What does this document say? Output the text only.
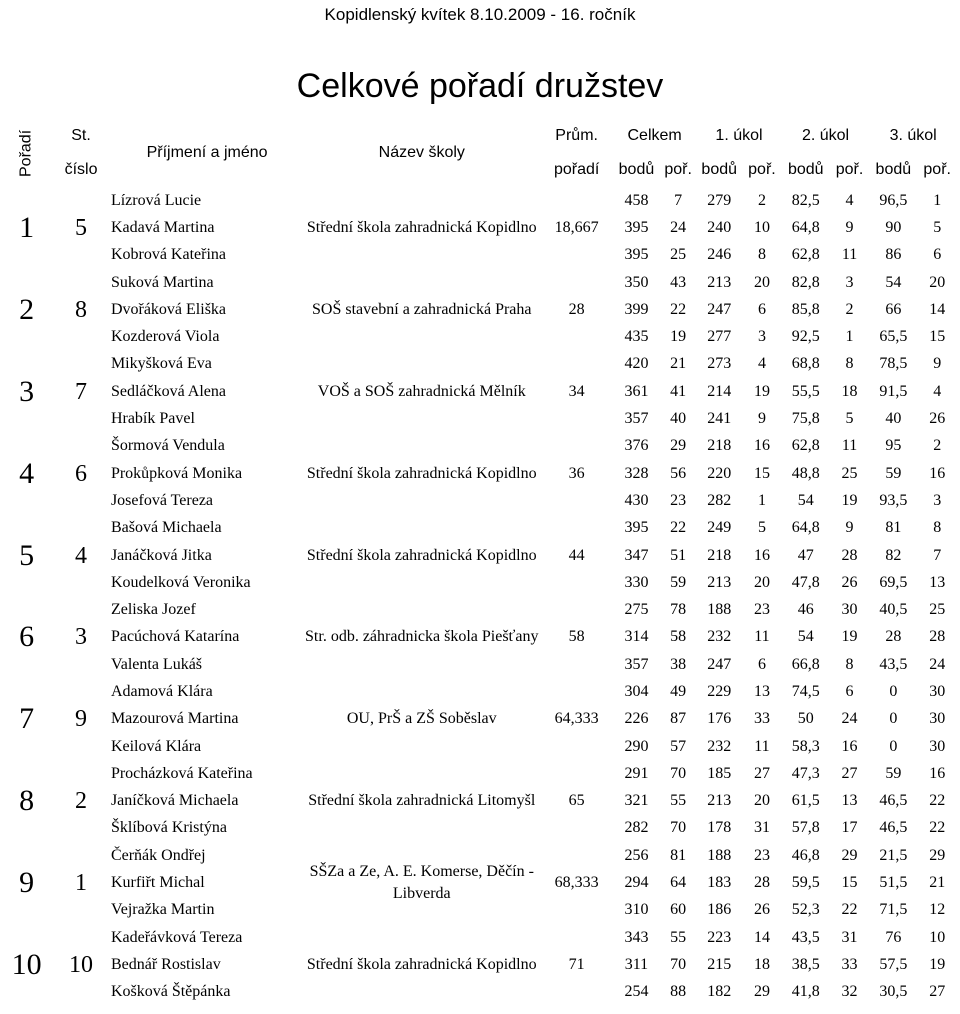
Kopidlenský kvítek 8.10.2009 - 16. ročník
Celkové pořadí družstev
Pořadí	St.	Příjmení a jméno	Název školy	Prům.	Celkem		1. úkol		2. úkol		3. úkol	
	číslo			pořadí	bodů	poř.	bodů	poř.	bodů	poř.	bodů	poř.
1	5	Lízrová Lucie	Střední škola zahradnická Kopidlno	18,667	458	7	279	2	82,5	4	96,5	1
		Kadavá Martina			395	24	240	10	64,8	9	90	5
		Kobrová Kateřina			395	25	246	8	62,8	11	86	6
2	8	Suková Martina	SOŠ stavební a zahradnická Praha	28	350	43	213	20	82,8	3	54	20
		Dvořáková Eliška			399	22	247	6	85,8	2	66	14
		Kozderová Viola			435	19	277	3	92,5	1	65,5	15
3	7	Mikyšková Eva	VOŠ a SOŠ zahradnická Mělník	34	420	21	273	4	68,8	8	78,5	9
		Sedláčková Alena			361	41	214	19	55,5	18	91,5	4
		Hrabík Pavel			357	40	241	9	75,8	5	40	26
4	6	Šormová Vendula	Střední škola zahradnická Kopidlno	36	376	29	218	16	62,8	11	95	2
		Prokůpková Monika			328	56	220	15	48,8	25	59	16
		Josefová Tereza			430	23	282	1	54	19	93,5	3
5	4	Bašová Michaela	Střední škola zahradnická Kopidlno	44	395	22	249	5	64,8	9	81	8
		Janáčková Jitka			347	51	218	16	47	28	82	7
		Koudelková Veronika			330	59	213	20	47,8	26	69,5	13
6	3	Zeliska Jozef	Str. odb. záhradnicka škola Piešťany	58	275	78	188	23	46	30	40,5	25
		Pacúchová Katarína			314	58	232	11	54	19	28	28
		Valenta Lukáš			357	38	247	6	66,8	8	43,5	24
7	9	Adamová Klára	OU, PrŠ a ZŠ Soběslav	64,333	304	49	229	13	74,5	6	0	30
		Mazourová Martina			226	87	176	33	50	24	0	30
		Keilová Klára			290	57	232	11	58,3	16	0	30
8	2	Procházková Kateřina	Střední škola zahradnická Litomyšl	65	291	70	185	27	47,3	27	59	16
		Janíčková Michaela			321	55	213	20	61,5	13	46,5	22
		Šklíbová Kristýna			282	70	178	31	57,8	17	46,5	22
9	1	Čerňák Ondřej	SŠZa a Ze, A. E. Komerse, Děčín - Libverda	68,333	256	81	188	23	46,8	29	21,5	29
		Kurfiřt Michal			294	64	183	28	59,5	15	51,5	21
		Vejražka Martin			310	60	186	26	52,3	22	71,5	12
10	10	Kadeřávková Tereza	Střední škola zahradnická Kopidlno	71	343	55	223	14	43,5	31	76	10
		Bednář Rostislav			311	70	215	18	38,5	33	57,5	19
		Košková Štěpánka			254	88	182	29	41,8	32	30,5	27
